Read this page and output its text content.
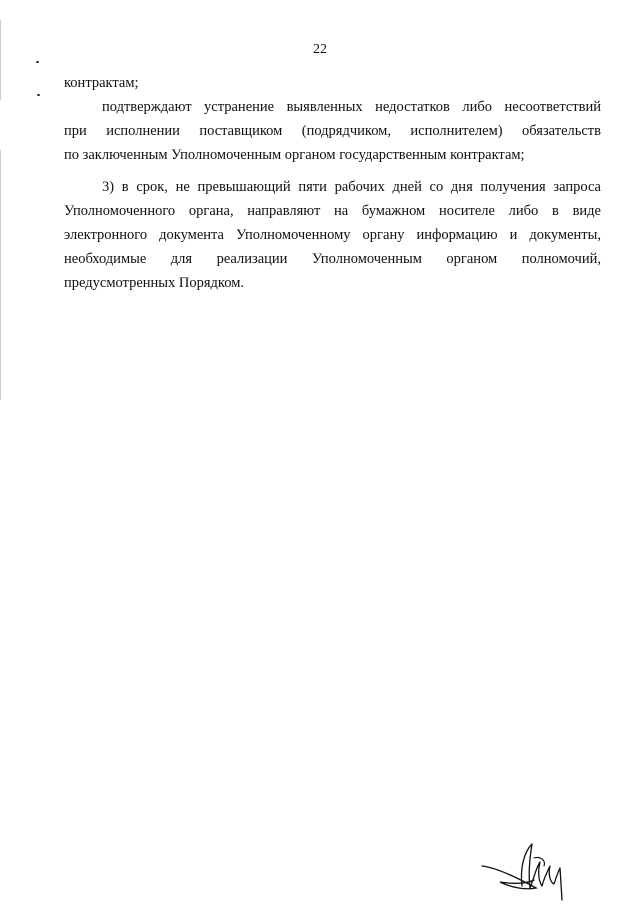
22
контрактам;
подтверждают устранение выявленных недостатков либо несоответствий
при исполнении поставщиком (подрядчиком, исполнителем) обязательств
по заключенным Уполномоченным органом государственным контрактам;
3) в срок, не превышающий пяти рабочих дней со дня получения запроса
Уполномоченного органа, направляют на бумажном носителе либо в виде
электронного документа Уполномоченному органу информацию и документы,
необходимые для реализации Уполномоченным органом полномочий,
предусмотренных Порядком.
